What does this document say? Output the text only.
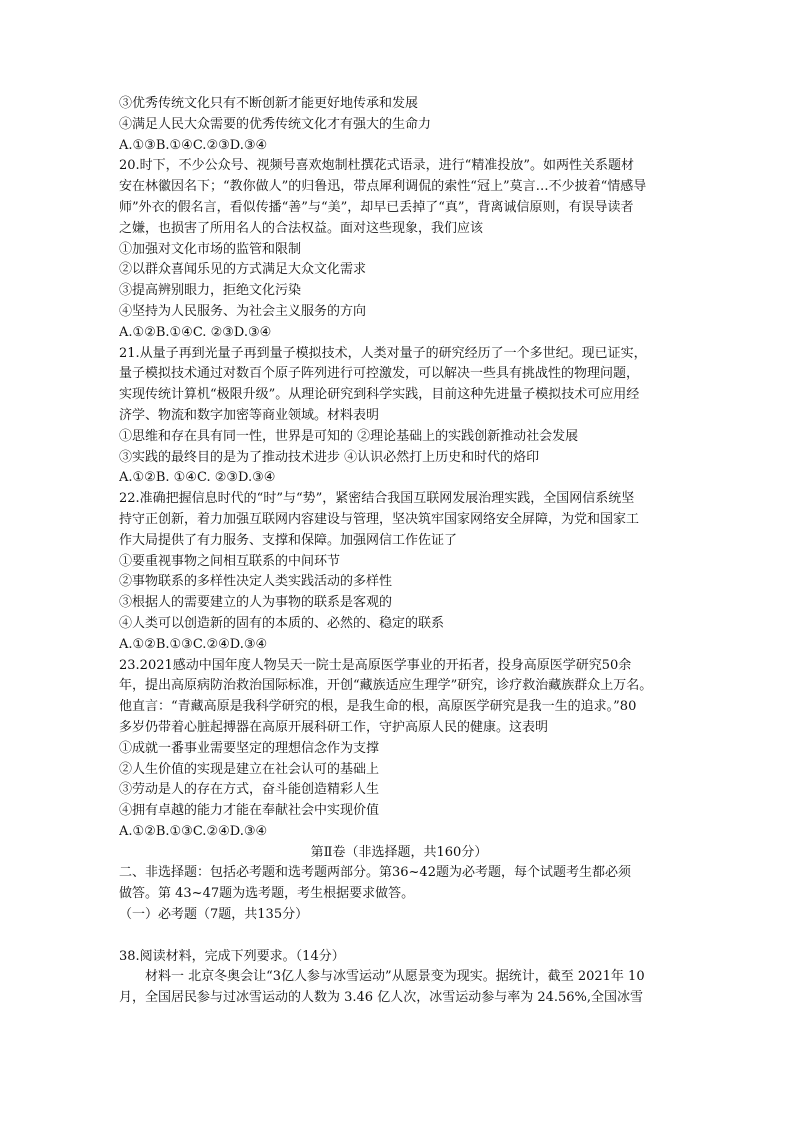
③优秀传统文化只有不断创新才能更好地传承和发展
④满足人民大众需要的优秀传统文化才有强大的生命力
A.①③B.①④C.②③D.③④
20.时下，不少公众号、视频号喜欢炮制杜撰花式语录，进行“精准投放”。如两性关系题材
安在林徽因名下；“教你做人”的归鲁迅，带点犀利调侃的索性“冠上”莫言…不少披着“情感导
师”外衣的假名言，看似传播“善”与“美”，却早已丢掉了“真”，背离诚信原则，有误导读者
之嫌，也损害了所用名人的合法权益。面对这些现象，我们应该
①加强对文化市场的监管和限制
②以群众喜闻乐见的方式满足大众文化需求
③提高辨别眼力，拒绝文化污染
④坚持为人民服务、为社会主义服务的方向
A.①②B.①④C. ②③D.③④
21.从量子再到光量子再到量子模拟技术，人类对量子的研究经历了一个多世纪。现已证实，
量子模拟技术通过对数百个原子阵列进行可控激发，可以解决一些具有挑战性的物理问题，
实现传统计算机“极限升级”。从理论研究到科学实践，目前这种先进量子模拟技术可应用经
济学、物流和数字加密等商业领域。材料表明
①思维和存在具有同一性，世界是可知的 ②理论基础上的实践创新推动社会发展
③实践的最终目的是为了推动技术进步 ④认识必然打上历史和时代的烙印
A.①②B. ①④C. ②③D.③④
22.准确把握信息时代的“时”与“势”，紧密结合我国互联网发展治理实践，全国网信系统坚
持守正创新，着力加强互联网内容建设与管理，坚决筑牢国家网络安全屏障，为党和国家工
作大局提供了有力服务、支撑和保障。加强网信工作佐证了
①要重视事物之间相互联系的中间环节
②事物联系的多样性决定人类实践活动的多样性
③根据人的需要建立的人为事物的联系是客观的
④人类可以创造新的固有的本质的、必然的、稳定的联系
A.①②B.①③C.②④D.③④
23.2021感动中国年度人物吴天一院士是高原医学事业的开拓者，投身高原医学研究50余
年，提出高原病防治救治国际标准，开创“藏族适应生理学”研究，诊疗救治藏族群众上万名。
他直言：“青藏高原是我科学研究的根，是我生命的根，高原医学研究是我一生的追求。”80
多岁仍带着心脏起搏器在高原开展科研工作，守护高原人民的健康。这表明
①成就一番事业需要坚定的理想信念作为支撑
②人生价值的实现是建立在社会认可的基础上
③劳动是人的存在方式，奋斗能创造精彩人生
④拥有卓越的能力才能在奉献社会中实现价值
A.①②B.①③C.②④D.③④
第Ⅱ卷（非选择题，共160分）
二、非选择题：包括必考题和选考题两部分。第36~42题为必考题，每个试题考生都必须
做答。第 43~47题为选考题，考生根据要求做答。
（一）必考题（7题，共135分）
38.阅读材料，完成下列要求。（14分）
材料一 北京冬奥会让“3亿人参与冰雪运动”从愿景变为现实。据统计，截至 2021年 10
月，全国居民参与过冰雪运动的人数为 3.46 亿人次，冰雪运动参与率为 24.56%,全国冰雪
